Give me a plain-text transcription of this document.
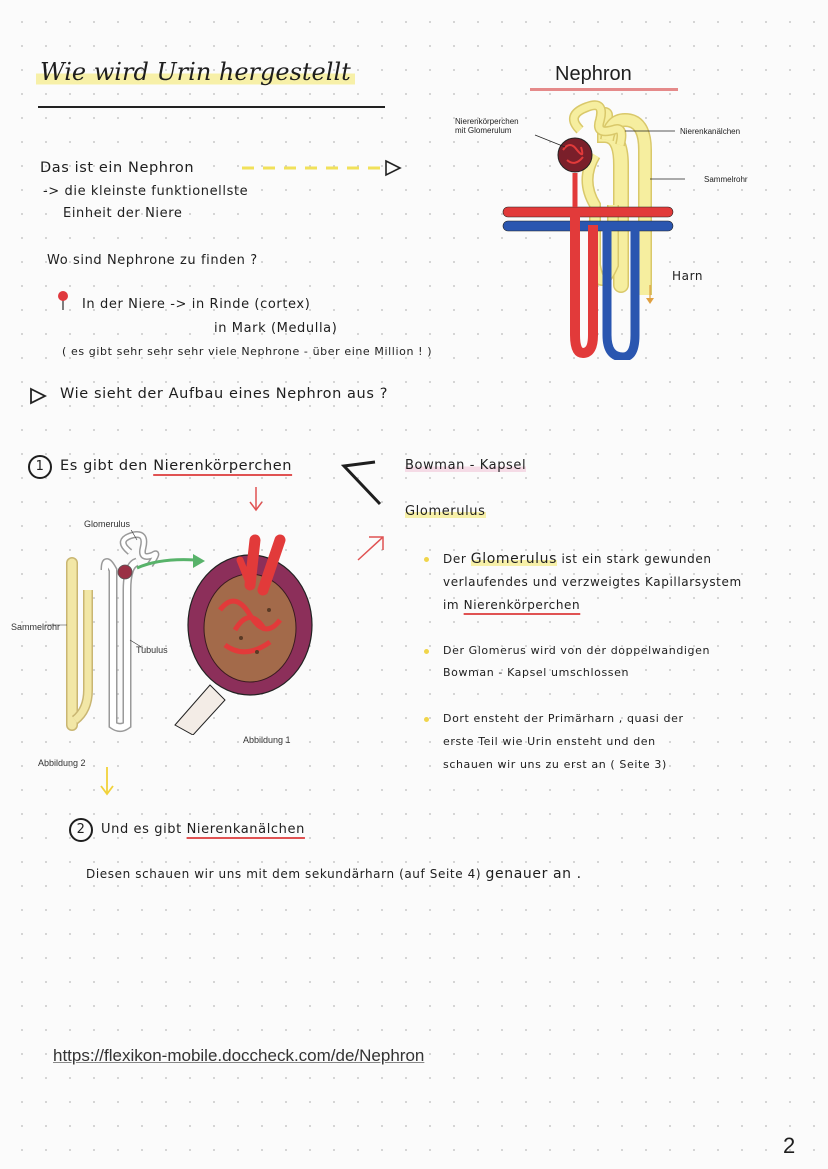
Wie wird Urin hergestellt	Nephron
Das ist ein Nephron
-> die kleinste funktionellste
Einheit der Niere
Wo sind Nephrone zu finden ?
In der Niere -> in Rinde (cortex)
in Mark (Medulla)
( es gibt sehr sehr sehr viele Nephrone - über eine Million ! )
Nierenkörperchen mit Glomerulum	Nierenkanälchen
Sammelrohr
Harn
Wie sieht der Aufbau eines Nephron aus ?
1 Es gibt den Nierenkörperchen	Bowman - Kapsel
Glomerulus
Glomerulus
Sammelrohr
Tubulus
Abbildung 1
Abbildung 2
Der Glomerulus ist ein stark gewunden
verlaufendes und verzweigtes Kapillarsystem
im Nierenkörperchen
Der Glomerus wird von der doppelwandigen
Bowman - Kapsel umschlossen
Dort ensteht der Primärharn , quasi der
erste Teil wie Urin ensteht und den
schauen wir uns zu erst an ( Seite 3)
2 Und es gibt Nierenkanälchen
Diesen schauen wir uns mit dem sekundärharn (auf Seite 4) genauer an .
https://flexikon-mobile.doccheck.com/de/Nephron
2
